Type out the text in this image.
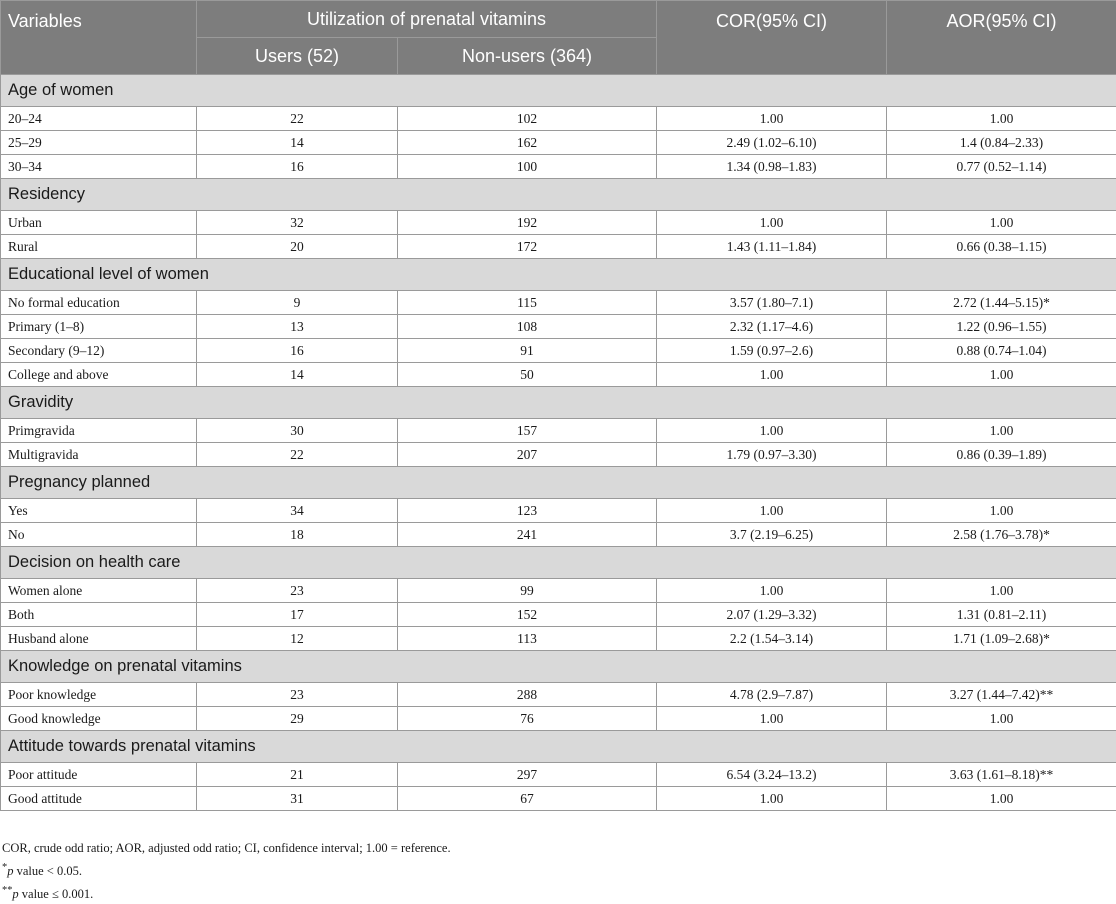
Variables	Utilization of prenatal vitamins		COR(95% CI)	AOR(95% CI)
	Users (52)	Non-users (364)		
Age of women				
20–24	22	102	1.00	1.00
25–29	14	162	2.49 (1.02–6.10)	1.4 (0.84–2.33)
30–34	16	100	1.34 (0.98–1.83)	0.77 (0.52–1.14)
Residency				
Urban	32	192	1.00	1.00
Rural	20	172	1.43 (1.11–1.84)	0.66 (0.38–1.15)
Educational level of women				
No formal education	9	115	3.57 (1.80–7.1)	2.72 (1.44–5.15)*
Primary (1–8)	13	108	2.32 (1.17–4.6)	1.22 (0.96–1.55)
Secondary (9–12)	16	91	1.59 (0.97–2.6)	0.88 (0.74–1.04)
College and above	14	50	1.00	1.00
Gravidity				
Primgravida	30	157	1.00	1.00
Multigravida	22	207	1.79 (0.97–3.30)	0.86 (0.39–1.89)
Pregnancy planned				
Yes	34	123	1.00	1.00
No	18	241	3.7 (2.19–6.25)	2.58 (1.76–3.78)*
Decision on health care				
Women alone	23	99	1.00	1.00
Both	17	152	2.07 (1.29–3.32)	1.31 (0.81–2.11)
Husband alone	12	113	2.2 (1.54–3.14)	1.71 (1.09–2.68)*
Knowledge on prenatal vitamins				
Poor knowledge	23	288	4.78 (2.9–7.87)	3.27 (1.44–7.42)**
Good knowledge	29	76	1.00	1.00
Attitude towards prenatal vitamins				
Poor attitude	21	297	6.54 (3.24–13.2)	3.63 (1.61–8.18)**
Good attitude	31	67	1.00	1.00
COR, crude odd ratio; AOR, adjusted odd ratio; CI, confidence interval; 1.00 = reference.
*p value < 0.05.
**p value ≤ 0.001.
